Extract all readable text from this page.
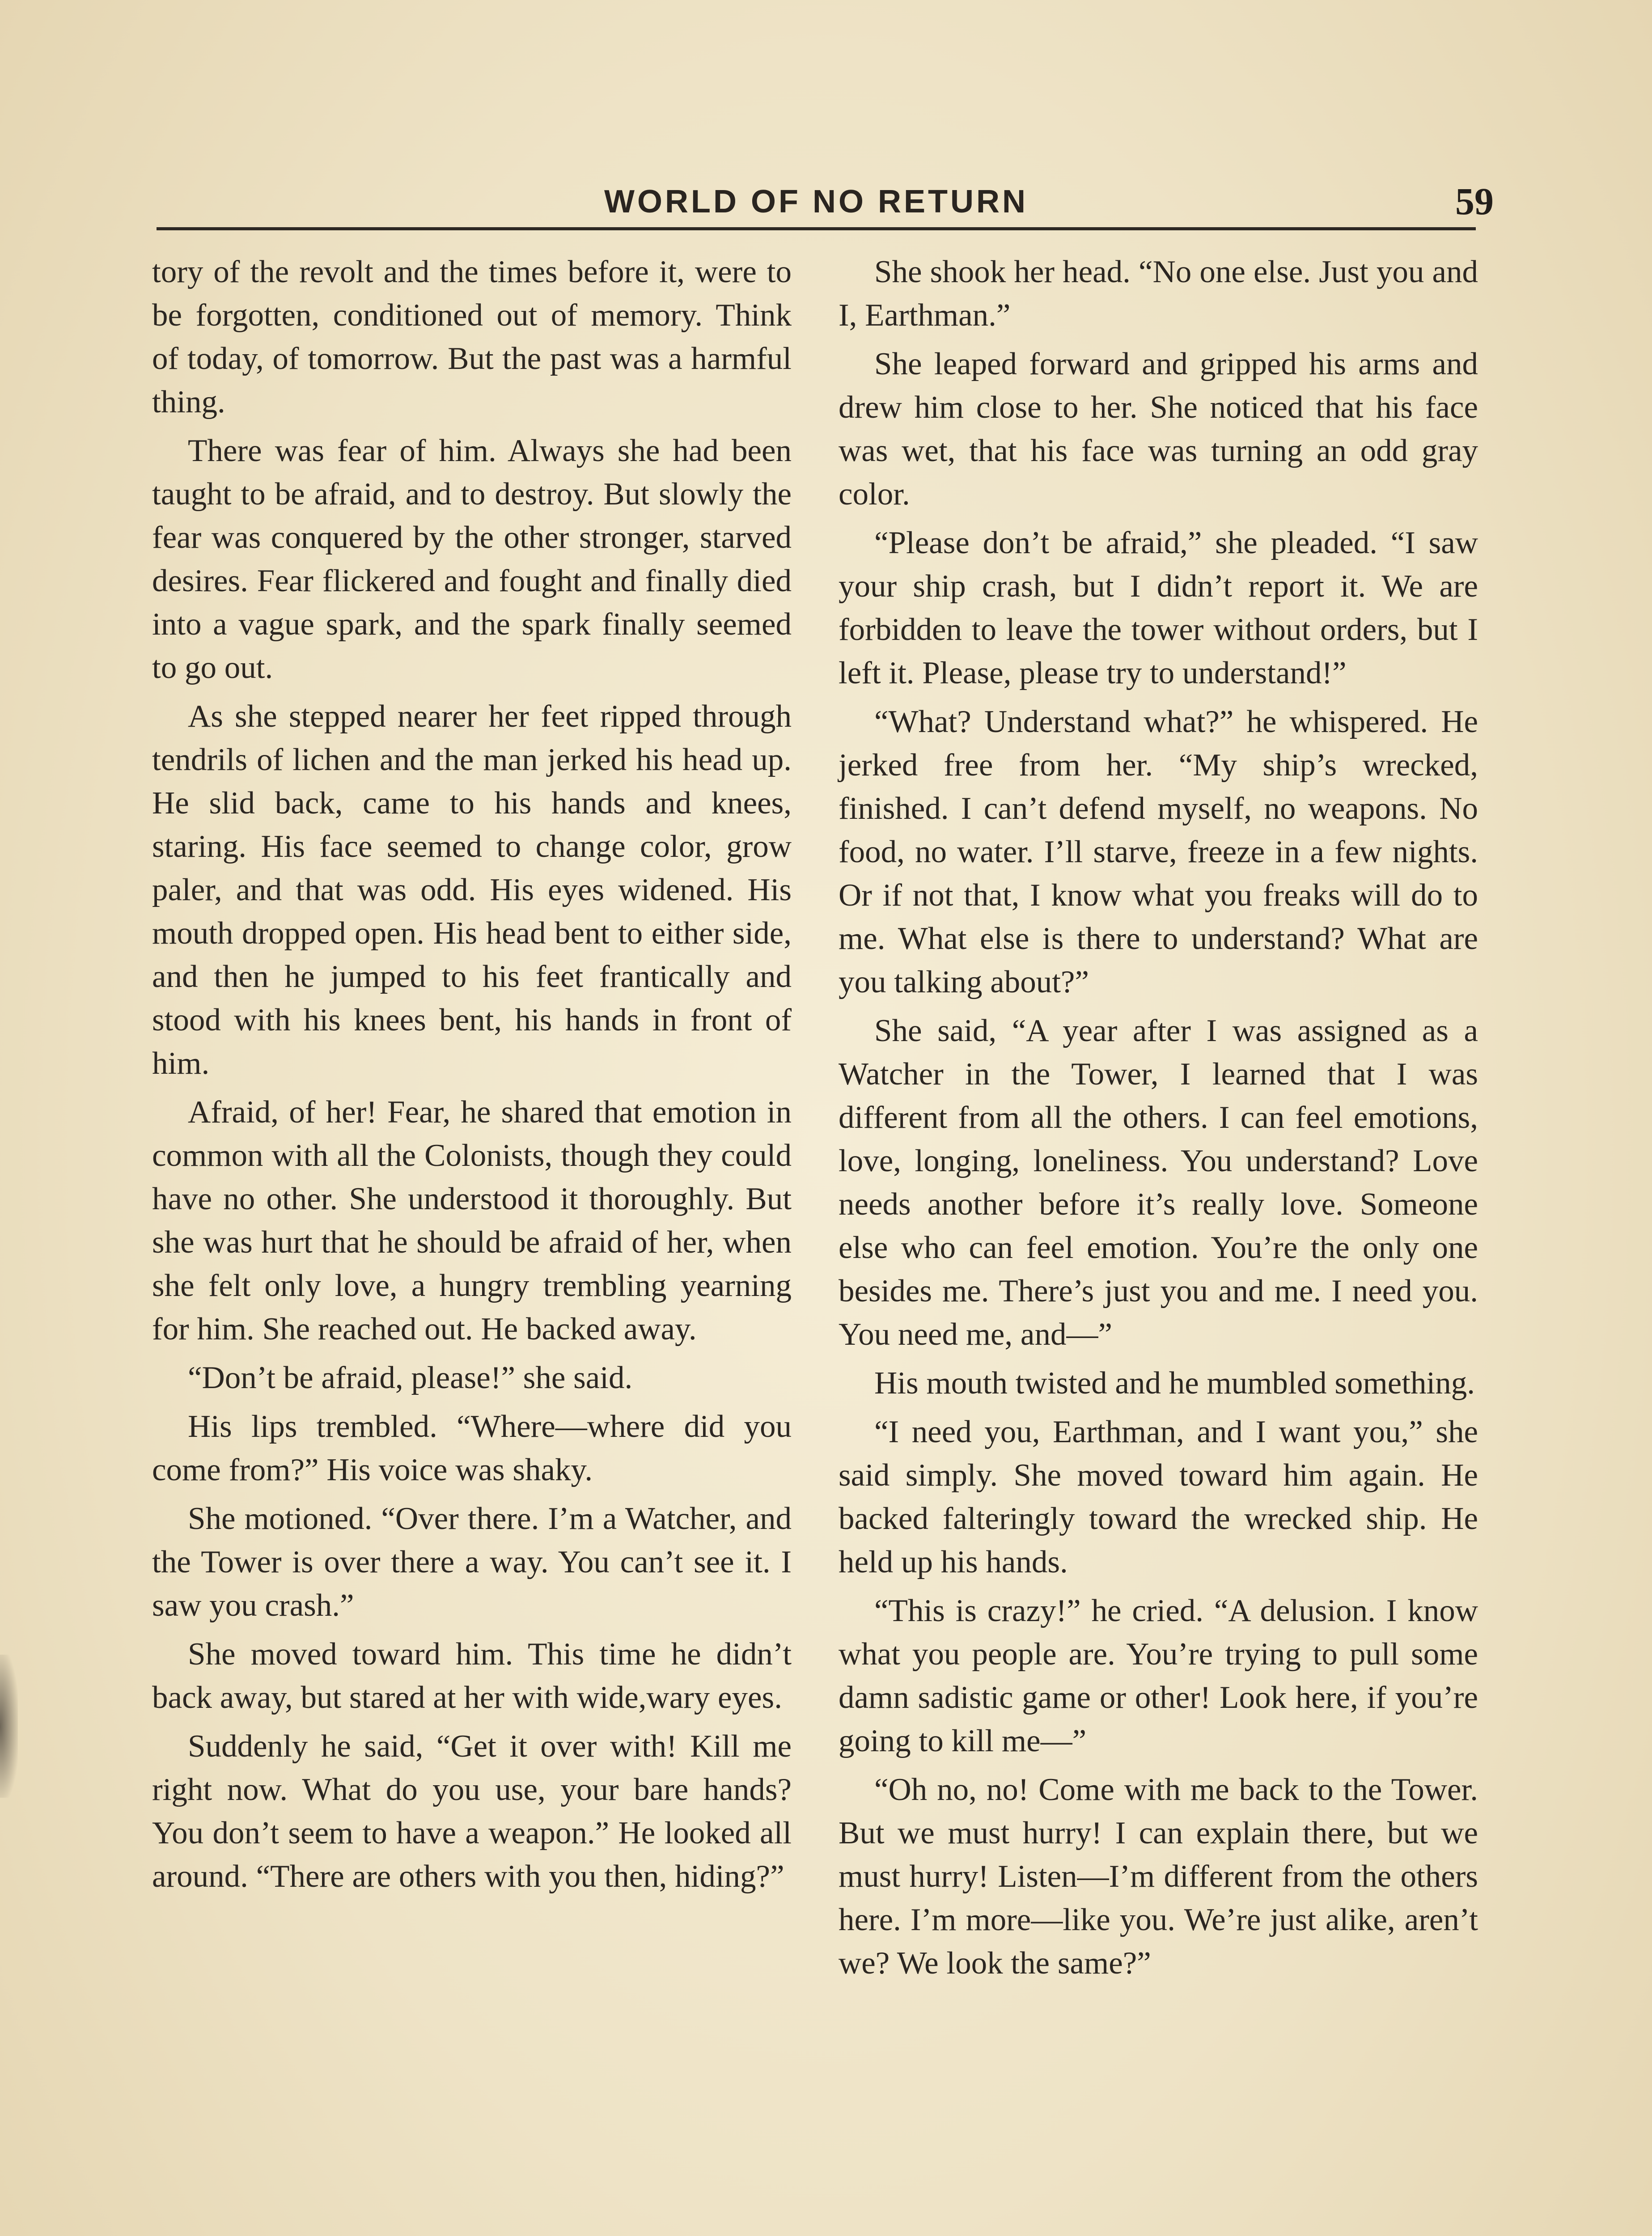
WORLD OF NO RETURN	59

tory of the revolt and the times before it, were to be forgotten, conditioned out of memory. Think of today, of tomorrow. But the past was a harmful thing.

There was fear of him. Always she had been taught to be afraid, and to destroy. But slowly the fear was conquered by the other stronger, starved desires. Fear flickered and fought and finally died into a vague spark, and the spark finally seemed to go out.

As she stepped nearer her feet ripped through tendrils of lichen and the man jerked his head up. He slid back, came to his hands and knees, staring. His face seemed to change color, grow paler, and that was odd. His eyes widened. His mouth dropped open. His head bent to either side, and then he jumped to his feet frantically and stood with his knees bent, his hands in front of him.

Afraid, of her! Fear, he shared that emotion in common with all the Colonists, though they could have no other. She understood it thoroughly. But she was hurt that he should be afraid of her, when she felt only love, a hungry trembling yearning for him. She reached out. He backed away.

“Don’t be afraid, please!” she said.

His lips trembled. “Where—where did you come from?” His voice was shaky.

She motioned. “Over there. I’m a Watcher, and the Tower is over there a way. You can’t see it. I saw you crash.”

She moved toward him. This time he didn’t back away, but stared at her with wide,wary eyes.

Suddenly he said, “Get it over with! Kill me right now. What do you use, your bare hands? You don’t seem to have a weapon.” He looked all around. “There are others with you then, hiding?”

She shook her head. “No one else. Just you and I, Earthman.”

She leaped forward and gripped his arms and drew him close to her. She noticed that his face was wet, that his face was turning an odd gray color.

“Please don’t be afraid,” she pleaded. “I saw your ship crash, but I didn’t report it. We are forbidden to leave the tower without orders, but I left it. Please, please try to understand!”

“What? Understand what?” he whispered. He jerked free from her. “My ship’s wrecked, finished. I can’t defend myself, no weapons. No food, no water. I’ll starve, freeze in a few nights. Or if not that, I know what you freaks will do to me. What else is there to understand? What are you talking about?”

She said, “A year after I was assigned as a Watcher in the Tower, I learned that I was different from all the others. I can feel emotions, love, longing, loneliness. You understand? Love needs another before it’s really love. Someone else who can feel emotion. You’re the only one besides me. There’s just you and me. I need you. You need me, and—”

His mouth twisted and he mumbled something.

“I need you, Earthman, and I want you,” she said simply. She moved toward him again. He backed falteringly toward the wrecked ship. He held up his hands.

“This is crazy!” he cried. “A delusion. I know what you people are. You’re trying to pull some damn sadistic game or other! Look here, if you’re going to kill me—”

“Oh no, no! Come with me back to the Tower. But we must hurry! I can explain there, but we must hurry! Listen—I’m different from the others here. I’m more—like you. We’re just alike, aren’t we? We look the same?”
